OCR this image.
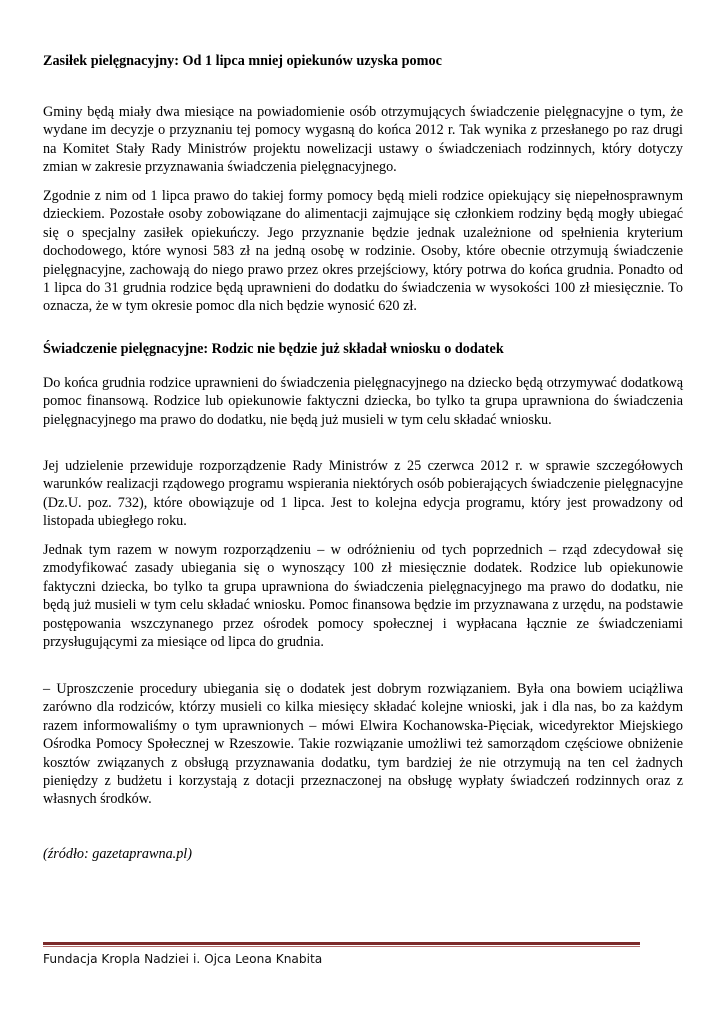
Zasiłek pielęgnacyjny: Od 1 lipca mniej opiekunów uzyska pomoc

Gminy będą miały dwa miesiące na powiadomienie osób otrzymujących świadczenie pielęgnacyjne o tym, że wydane im decyzje o przyznaniu tej pomocy wygasną do końca 2012 r. Tak wynika z przesłanego po raz drugi na Komitet Stały Rady Ministrów projektu nowelizacji ustawy o świadczeniach rodzinnych, który dotyczy zmian w zakresie przyznawania świadczenia pielęgnacyjnego.

Zgodnie z nim od 1 lipca prawo do takiej formy pomocy będą mieli rodzice opiekujący się niepełnosprawnym dzieckiem. Pozostałe osoby zobowiązane do alimentacji zajmujące się członkiem rodziny będą mogły ubiegać się o specjalny zasiłek opiekuńczy. Jego przyznanie będzie jednak uzależnione od spełnienia kryterium dochodowego, które wynosi 583 zł na jedną osobę w rodzinie. Osoby, które obecnie otrzymują świadczenie pielęgnacyjne, zachowają do niego prawo przez okres przejściowy, który potrwa do końca grudnia. Ponadto od 1 lipca do 31 grudnia rodzice będą uprawnieni do dodatku do świadczenia w wysokości 100 zł miesięcznie. To oznacza, że w tym okresie pomoc dla nich będzie wynosić 620 zł.

Świadczenie pielęgnacyjne: Rodzic nie będzie już składał wniosku o dodatek

Do końca grudnia rodzice uprawnieni do świadczenia pielęgnacyjnego na dziecko będą otrzymywać dodatkową pomoc finansową. Rodzice lub opiekunowie faktyczni dziecka, bo tylko ta grupa uprawniona do świadczenia pielęgnacyjnego ma prawo do dodatku, nie będą już musieli w tym celu składać wniosku.

Jej udzielenie przewiduje rozporządzenie Rady Ministrów z 25 czerwca 2012 r. w sprawie szczegółowych warunków realizacji rządowego programu wspierania niektórych osób pobierających świadczenie pielęgnacyjne (Dz.U. poz. 732), które obowiązuje od 1 lipca. Jest to kolejna edycja programu, który jest prowadzony od listopada ubiegłego roku.

Jednak tym razem w nowym rozporządzeniu – w odróżnieniu od tych poprzednich – rząd zdecydował się zmodyfikować zasady ubiegania się o wynoszący 100 zł miesięcznie dodatek. Rodzice lub opiekunowie faktyczni dziecka, bo tylko ta grupa uprawniona do świadczenia pielęgnacyjnego ma prawo do dodatku, nie będą już musieli w tym celu składać wniosku. Pomoc finansowa będzie im przyznawana z urzędu, na podstawie postępowania wszczynanego przez ośrodek pomocy społecznej i wypłacana łącznie ze świadczeniami przysługującymi za miesiące od lipca do grudnia.

– Uproszczenie procedury ubiegania się o dodatek jest dobrym rozwiązaniem. Była ona bowiem uciążliwa zarówno dla rodziców, którzy musieli co kilka miesięcy składać kolejne wnioski, jak i dla nas, bo za każdym razem informowaliśmy o tym uprawnionych – mówi Elwira Kochanowska-Pięciak, wicedyrektor Miejskiego Ośrodka Pomocy Społecznej w Rzeszowie. Takie rozwiązanie umożliwi też samorządom częściowe obniżenie kosztów związanych z obsługą przyznawania dodatku, tym bardziej że nie otrzymują na ten cel żadnych pieniędzy z budżetu i korzystają z dotacji przeznaczonej na obsługę wypłaty świadczeń rodzinnych oraz z własnych środków.

(źródło: gazetaprawna.pl)
Fundacja Kropla Nadziei i. Ojca Leona Knabita
